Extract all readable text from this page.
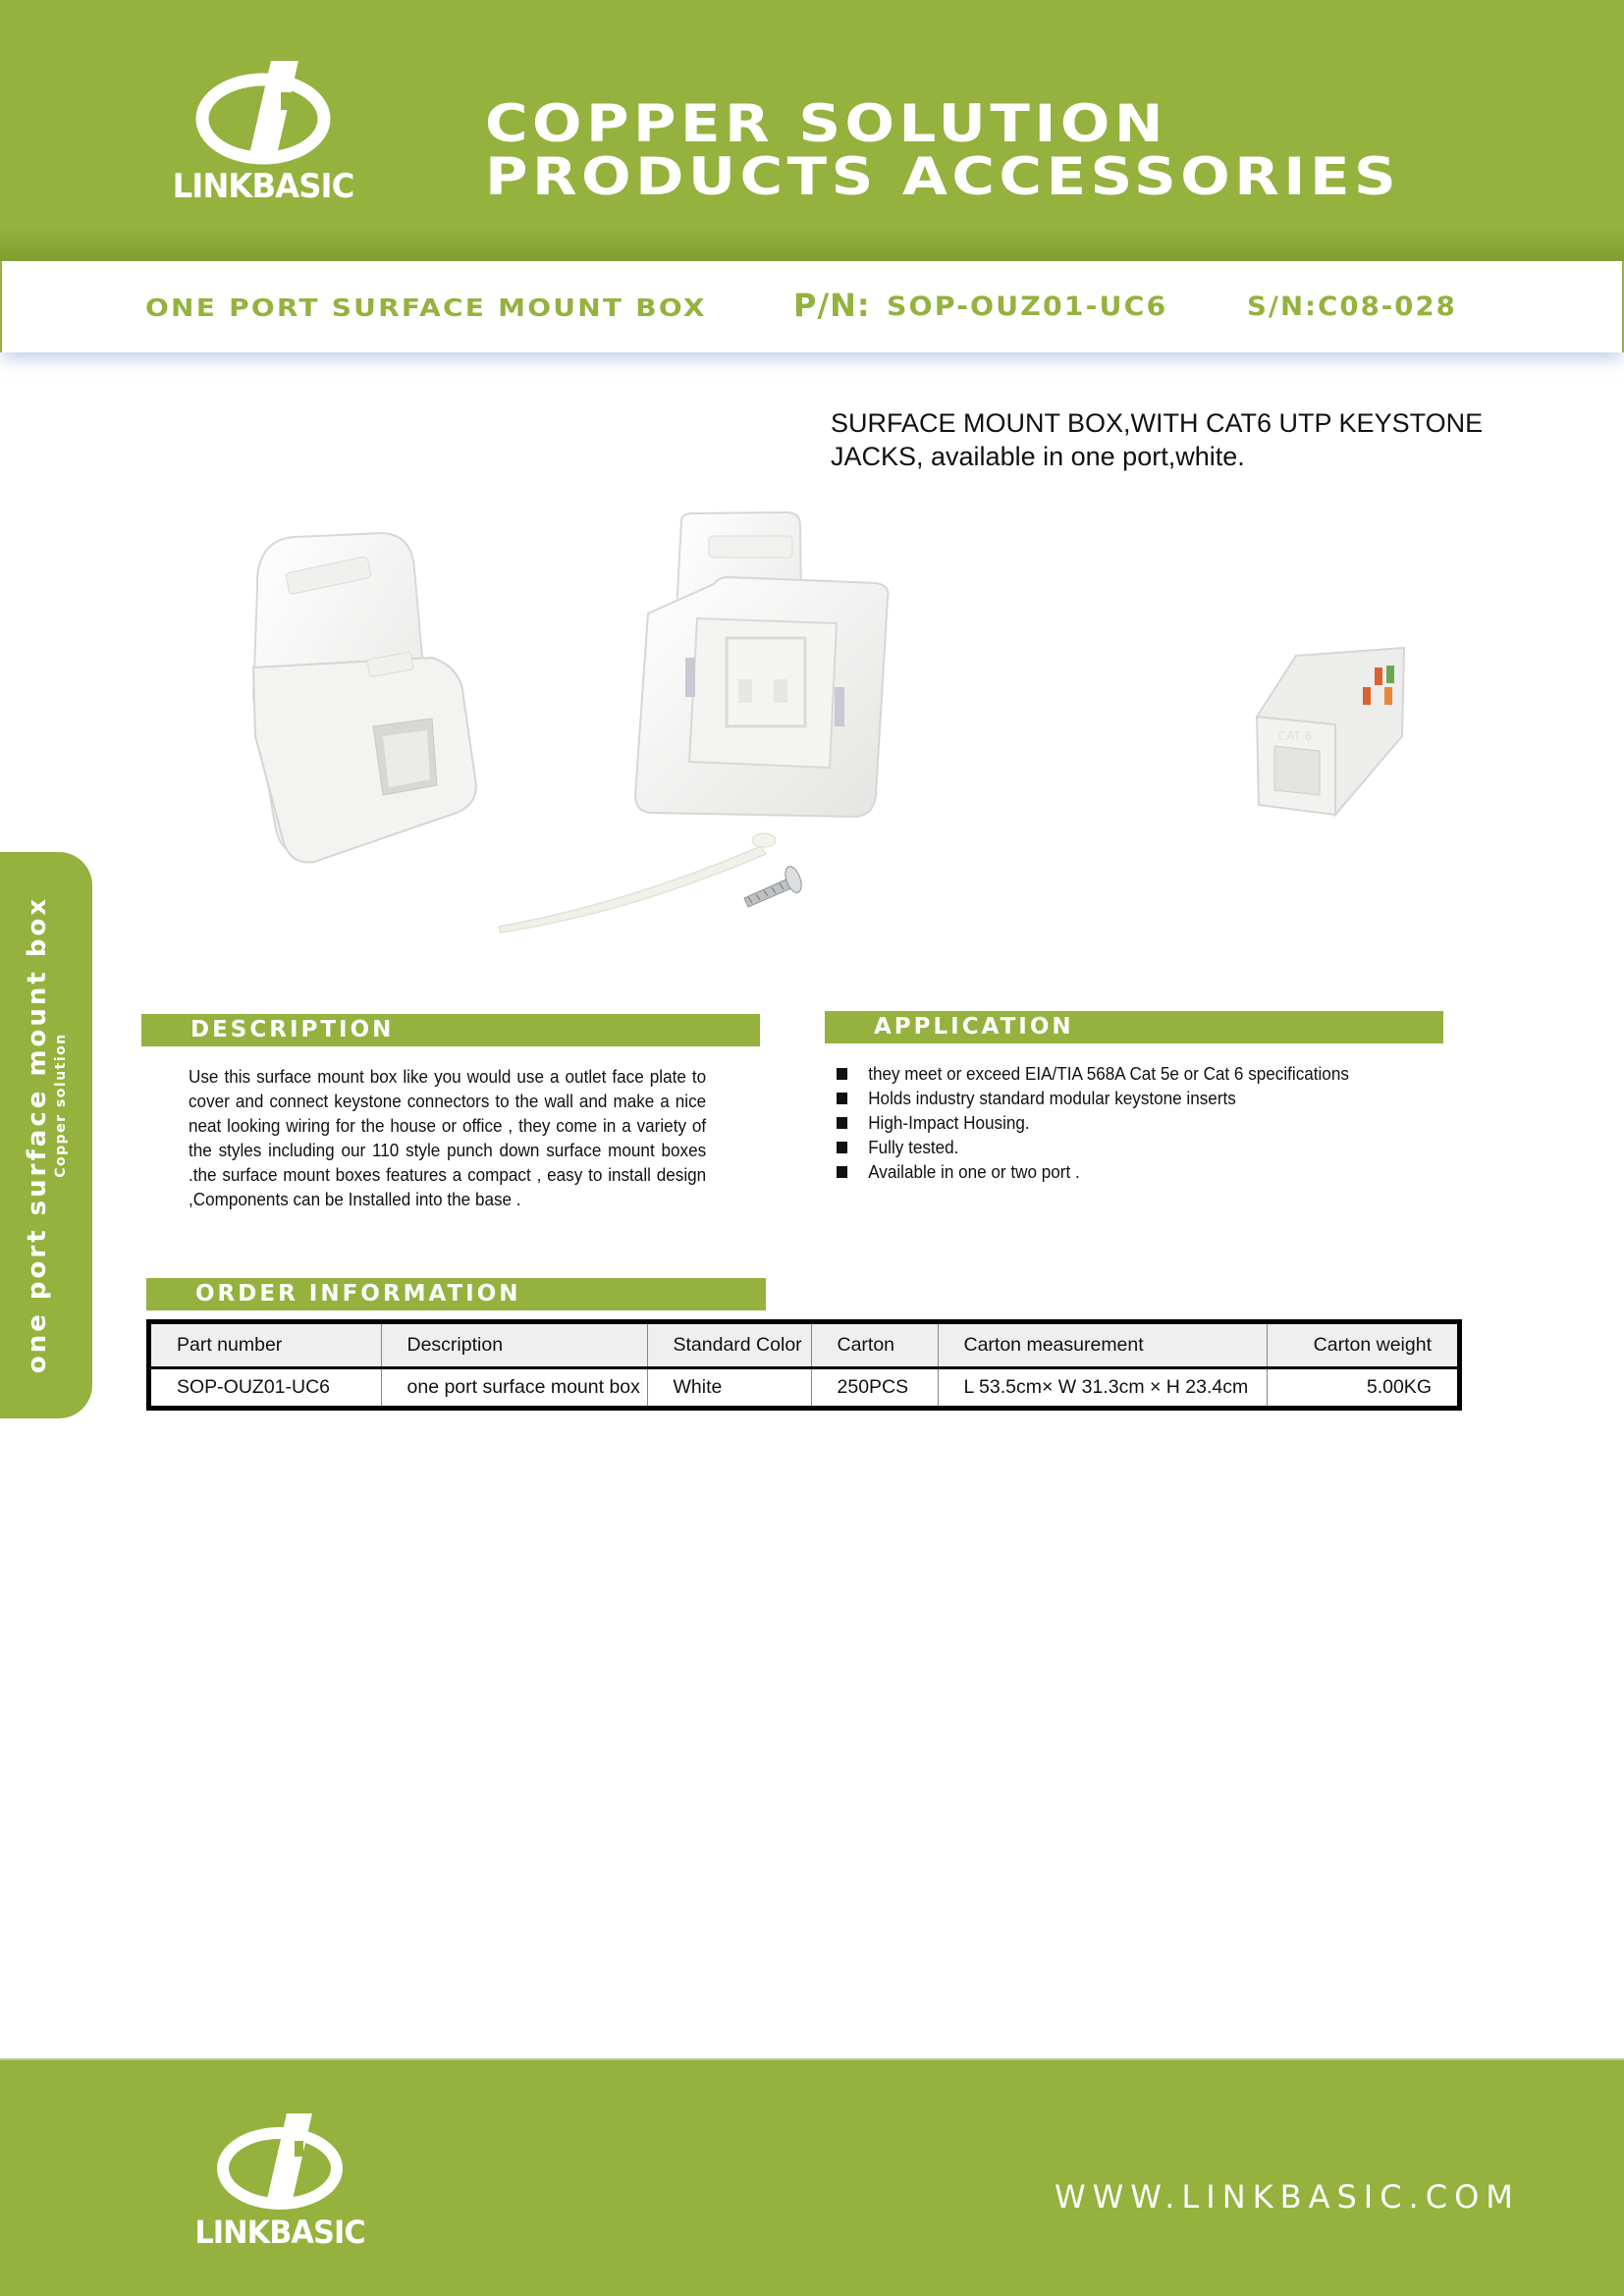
LINKBASIC
COPPER SOLUTION
PRODUCTS ACCESSORIES
ONE PORT SURFACE MOUNT BOX	P/N: SOP-OUZ01-UC6	S/N:C08-028
SURFACE MOUNT BOX,WITH CAT6 UTP KEYSTONE
JACKS, available in one port,white.
CAT 6
one port surface mount box Copper solution
DESCRIPTION
Use this surface mount box like you would use a outlet face plate to cover and connect keystone connectors to the wall and make a nice neat looking wiring for the house or office , they come in a variety of the styles including our 110 style punch down surface mount boxes .the surface mount boxes features a compact , easy to install design ,Components can be Installed into the base .
APPLICATION
they meet or exceed EIA/TIA 568A Cat 5e or Cat 6 specifications
Holds industry standard modular keystone inserts
High-Impact Housing.
Fully tested.
Available in one or two port .
ORDER INFORMATION
Part number	Description	Standard Color	Carton	Carton measurement	Carton weight
SOP-OUZ01-UC6	one port surface mount box	White	250PCS	L 53.5cm× W 31.3cm × H 23.4cm	5.00KG
LINKBASIC
WWW.LINKBASIC.COM
